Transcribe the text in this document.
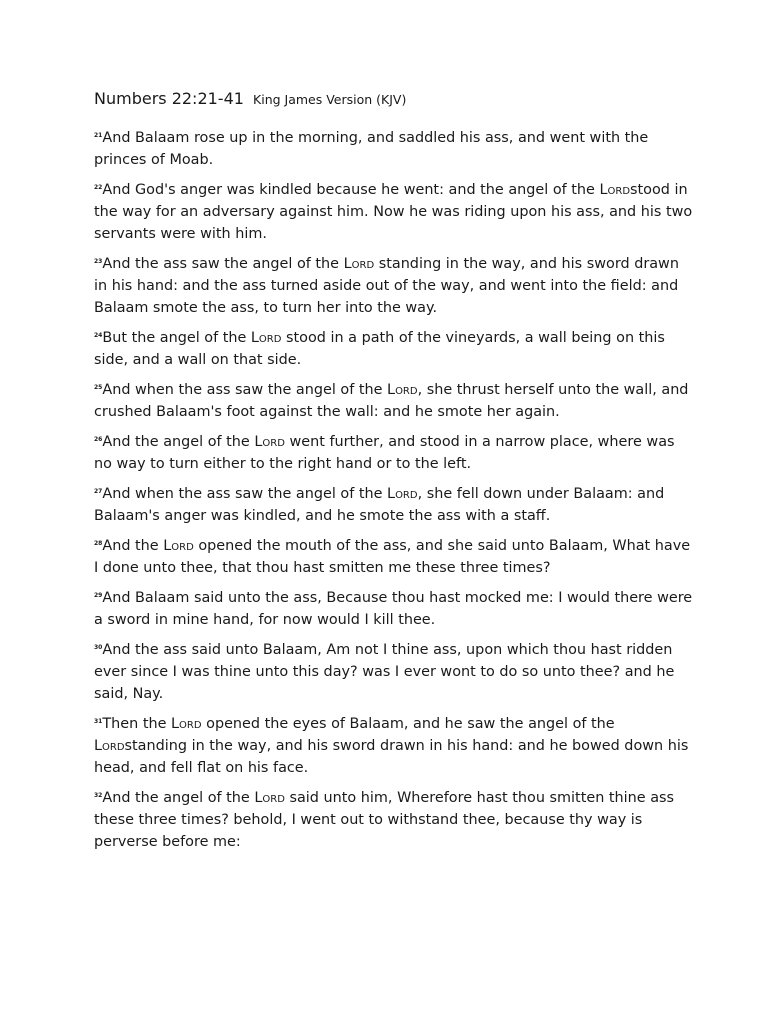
Numbers 22:21-41 King James Version (KJV)

$^{21}$And Balaam rose up in the morning, and saddled his ass, and went with the princes of Moab.

$^{22}$And God's anger was kindled because he went: and the angel of the Lordstood in the way for an adversary against him. Now he was riding upon his ass, and his two servants were with him.

$^{23}$And the ass saw the angel of the Lord standing in the way, and his sword drawn in his hand: and the ass turned aside out of the way, and went into the field: and Balaam smote the ass, to turn her into the way.

$^{24}$But the angel of the Lord stood in a path of the vineyards, a wall being on this side, and a wall on that side.

$^{25}$And when the ass saw the angel of the Lord, she thrust herself unto the wall, and crushed Balaam's foot against the wall: and he smote her again.

$^{26}$And the angel of the Lord went further, and stood in a narrow place, where was no way to turn either to the right hand or to the left.

$^{27}$And when the ass saw the angel of the Lord, she fell down under Balaam: and Balaam's anger was kindled, and he smote the ass with a staff.

$^{28}$And the Lord opened the mouth of the ass, and she said unto Balaam, What have I done unto thee, that thou hast smitten me these three times?

$^{29}$And Balaam said unto the ass, Because thou hast mocked me: I would there were a sword in mine hand, for now would I kill thee.

$^{30}$And the ass said unto Balaam, Am not I thine ass, upon which thou hast ridden ever since I was thine unto this day? was I ever wont to do so unto thee? and he said, Nay.

$^{31}$Then the Lord opened the eyes of Balaam, and he saw the angel of the Lordstanding in the way, and his sword drawn in his hand: and he bowed down his head, and fell flat on his face.

$^{32}$And the angel of the Lord said unto him, Wherefore hast thou smitten thine ass these three times? behold, I went out to withstand thee, because thy way is perverse before me:
